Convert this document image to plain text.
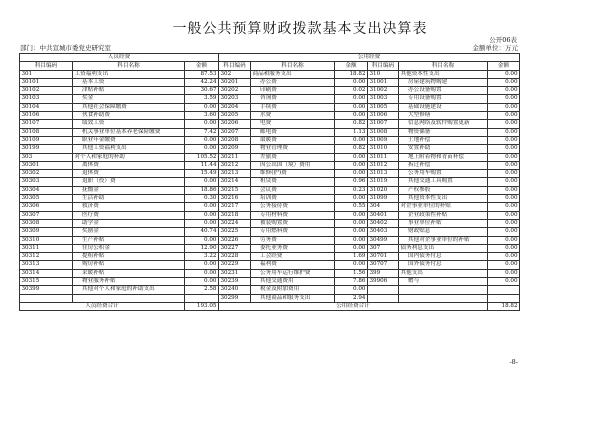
一般公共预算财政拨款基本支出决算表
公开06表
部门：中共宣城市委党史研究室	金额单位：万元
人员经费			公用经费					
科目编码	科目名称	金额	科目编码	科目名称	金额	科目编码	科目名称	金额
301	工资福利支出	87.53	302	商品和服务支出	18.82	310	其他资本性支出	0.00
30101	基本工资	42.24	30201	办公费	0.00	31001	房屋建筑物购建	0.00
30102	津贴补贴	30.67	30202	印刷费	0.02	31002	办公设备购置	0.00
30103	奖金	3.59	30203	咨询费	0.00	31003	专用设备购置	0.00
30104	其他社会保障缴费	0.00	30204	手续费	0.00	31005	基础设施建设	0.00
30106	伙食补助费	3.60	30205	水费	0.00	31006	大型修缮	0.00
30107	绩效工资	0.00	30206	电费	0.82	31007	信息网络及软件购置更新	0.00
30108	机关事业单位基本养老保险缴费	7.42	30207	邮电费	1.13	31008	物资储备	0.00
30109	职业年金缴费	0.00	30208	取暖费	0.00	31009	土地补偿	0.00
30199	其他工资福利支出	0.00	30209	物业管理费	0.82	31010	安置补助	0.00
303	对个人和家庭的补助	105.52	30211	差旅费	0.00	31011	地上附着物和青苗补偿	0.00
30301	离休费	11.44	30212	因公出国（境）费用	0.00	31012	拆迁补偿	0.00
30302	退休费	15.49	30213	维修(护)费	0.00	31013	公务用车购置	0.00
30303	退职（役）费	0.00	30214	租赁费	0.96	31019	其他交通工具购置	0.00
30304	抚恤金	18.86	30215	会议费	0.23	31020	产权参股	0.00
30305	生活补助	0.30	30216	培训费	0.00	31099	其他资本性支出	0.00
30306	救济费	0.00	30217	公务接待费	0.55	304	对企事业单位的补贴	0.00
30307	医疗费	0.00	30218	专用材料费	0.00	30401	企业政策性补贴	0.00
30308	助学金	0.00	30224	被装购置费	0.00	30402	事业单位补贴	0.00
30309	奖励金	40.74	30225	专用燃料费	0.00	30403	财政贴息	0.00
30310	生产补贴	0.00	30226	劳务费	0.00	30499	其他对企事业单位的补贴	0.00
30311	住房公积金	12.90	30227	委托业务费	0.00	307	债务利息支出	0.00
30312	提租补贴	3.22	30228	工会经费	1.69	30701	国内债务付息	0.00
30313	购房补贴	0.00	30229	福利费	0.00	30707	国外债务付息	0.00
30314	采暖补贴	0.00	30231	公务用车运行维护费	1.56	399	其他支出	0.00
30315	物业服务补贴	0.00	30239	其他交通费用	7.86	39906	赠与	0.00
30399	其他对个人和家庭的补助支出	2.58	30240	税金及附加费用	0.00			
			30299	其他商品和服务支出	2.94			
人员经费合计		193.05	公用经费合计					18.82
-8-
